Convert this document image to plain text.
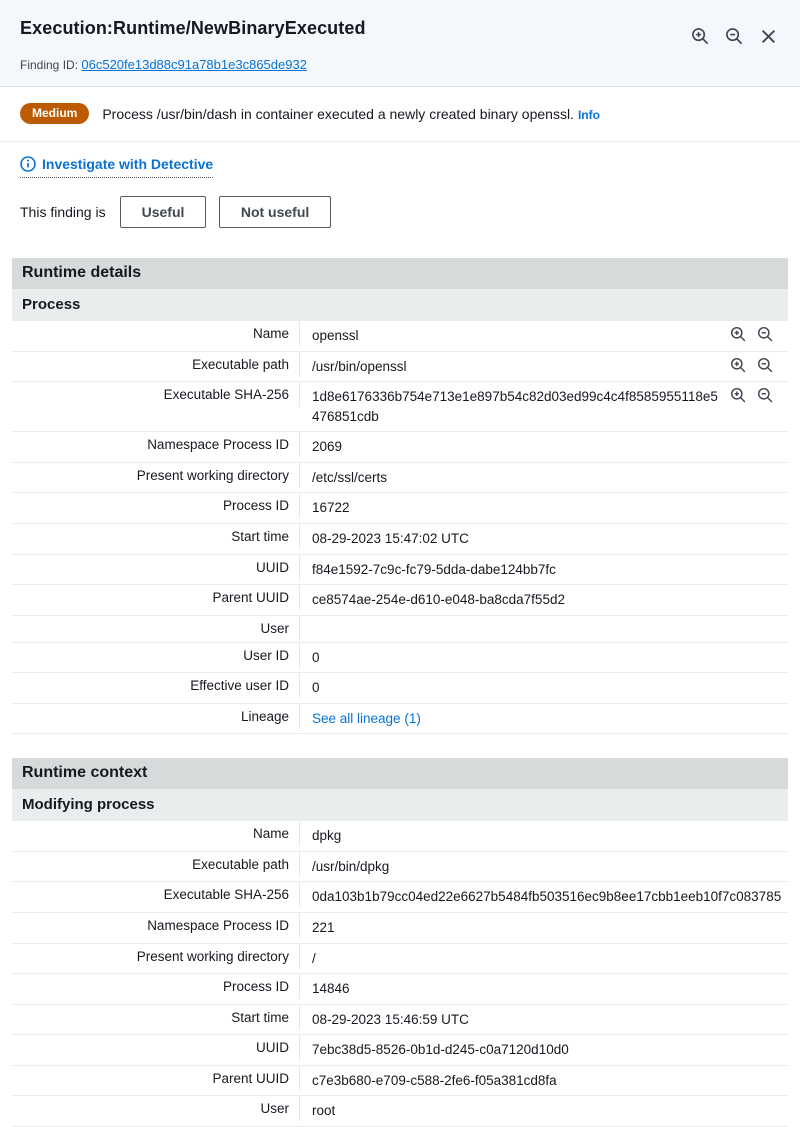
Execution:Runtime/NewBinaryExecuted
Finding ID: 06c520fe13d88c91a78b1e3c865de932
Medium	Process /usr/bin/dash in container executed a newly created binary openssl. Info
Investigate with Detective
This finding is	Useful	Not useful
Runtime details
Process
Name	openssl
Executable path	/usr/bin/openssl
Executable SHA-256	1d8e6176336b754e713e1e897b54c82d03ed99c4c4f8585955118e5476851cdb
Namespace Process ID	2069
Present working directory	/etc/ssl/certs
Process ID	16722
Start time	08-29-2023 15:47:02 UTC
UUID	f84e1592-7c9c-fc79-5dda-dabe124bb7fc
Parent UUID	ce8574ae-254e-d610-e048-ba8cda7f55d2
User
User ID	0
Effective user ID	0
Lineage	See all lineage (1)
Runtime context
Modifying process
Name	dpkg
Executable path	/usr/bin/dpkg
Executable SHA-256	0da103b1b79cc04ed22e6627b5484fb503516ec9b8ee17cbb1eeb10f7c083785
Namespace Process ID	221
Present working directory	/
Process ID	14846
Start time	08-29-2023 15:46:59 UTC
UUID	7ebc38d5-8526-0b1d-d245-c0a7120d10d0
Parent UUID	c7e3b680-e709-c588-2fe6-f05a381cd8fa
User	root
